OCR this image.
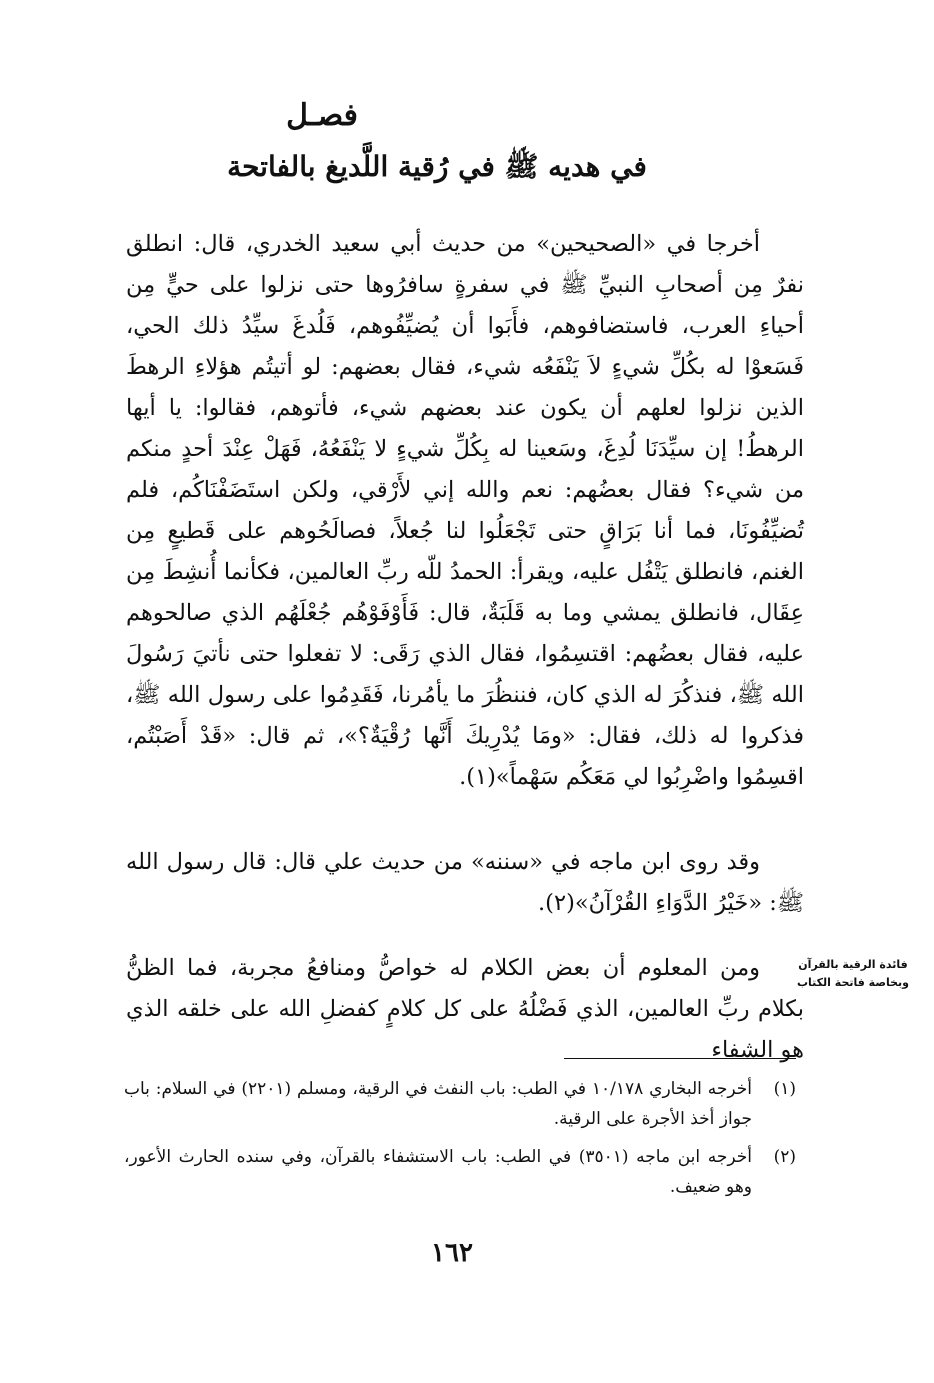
فصـل
في هديه ﷺ في رُقية اللَّديغ بالفاتحة

أخرجا في «الصحيحين» من حديث أبي سعيد الخدري، قال: انطلق نفرٌ مِن أصحابِ النبيِّ ﷺ في سفرةٍ سافرُوها حتى نزلوا على حيٍّ مِن أحياءِ العرب، فاستضافوهم، فأَبَوا أن يُضيِّفُوهم، فَلُدغَ سيِّدُ ذلك الحي، فَسَعوْا له بكُلِّ شيءٍ لاَ يَنْفَعُه شيء، فقال بعضهم: لو أتيتُم هؤلاءِ الرهطَ الذين نزلوا لعلهم أن يكون عند بعضهم شيء، فأتوهم، فقالوا: يا أيها الرهطُ! إن سيِّدَنَا لُدِغَ، وسَعينا له بِكُلِّ شيءٍ لا يَنْفَعُهُ، فَهَلْ عِنْدَ أحدٍ منكم من شيء؟ فقال بعضُهم: نعم والله إني لأَرْقي، ولكن استَضَفْنَاكُم، فلم تُضيِّفُونَا، فما أنا بَرَاقٍ حتى تَجْعَلُوا لنا جُعلاً، فصالَحُوهم على قَطيعٍ مِن الغنم، فانطلق يَتْفُل عليه، ويقرأ: الحمدُ للّه ربِّ العالمين، فكأنما أُنشِطَ مِن عِقَال، فانطلق يمشي وما به قَلَبَةٌ، قال: فَأَوْفَوْهُم جُعْلَهُم الذي صالحوهم عليه، فقال بعضُهم: اقتسِمُوا، فقال الذي رَقَى: لا تفعلوا حتى نأتيَ رَسُولَ الله ﷺ، فنذكُرَ له الذي كان، فننظُرَ ما يأمُرنا، فَقَدِمُوا على رسول الله ﷺ، فذكروا له ذلك، فقال: «ومَا يُدْرِيكَ أَنَّها رُقْيَةٌ؟»، ثم قال: «قَدْ أَصَبْتُم، اقسِمُوا واضْرِبُوا لي مَعَكُم سَهْماً»(١).

وقد روى ابن ماجه في «سننه» من حديث علي قال: قال رسول الله ﷺ: «خَيْرُ الدَّوَاءِ القُرْآنُ»(٢).

ومن المعلوم أن بعض الكلام له خواصُّ ومنافعُ مجربة، فما الظنُّ بكلام ربِّ العالمين، الذي فَضْلُهُ على كل كلامٍ كفضلِ الله على خلقه الذي هو الشفاء

فائدة الرقية بالقرآن وبخاصة فاتحة الكتاب
(١)
أخرجه البخاري ١٠/١٧٨ في الطب: باب النفث في الرقية، ومسلم (٢٢٠١) في السلام: باب جواز أخذ الأجرة على الرقية.
(٢)
أخرجه ابن ماجه (٣٥٠١) في الطب: باب الاستشفاء بالقرآن، وفي سنده الحارث الأعور، وهو ضعيف.
١٦٢
